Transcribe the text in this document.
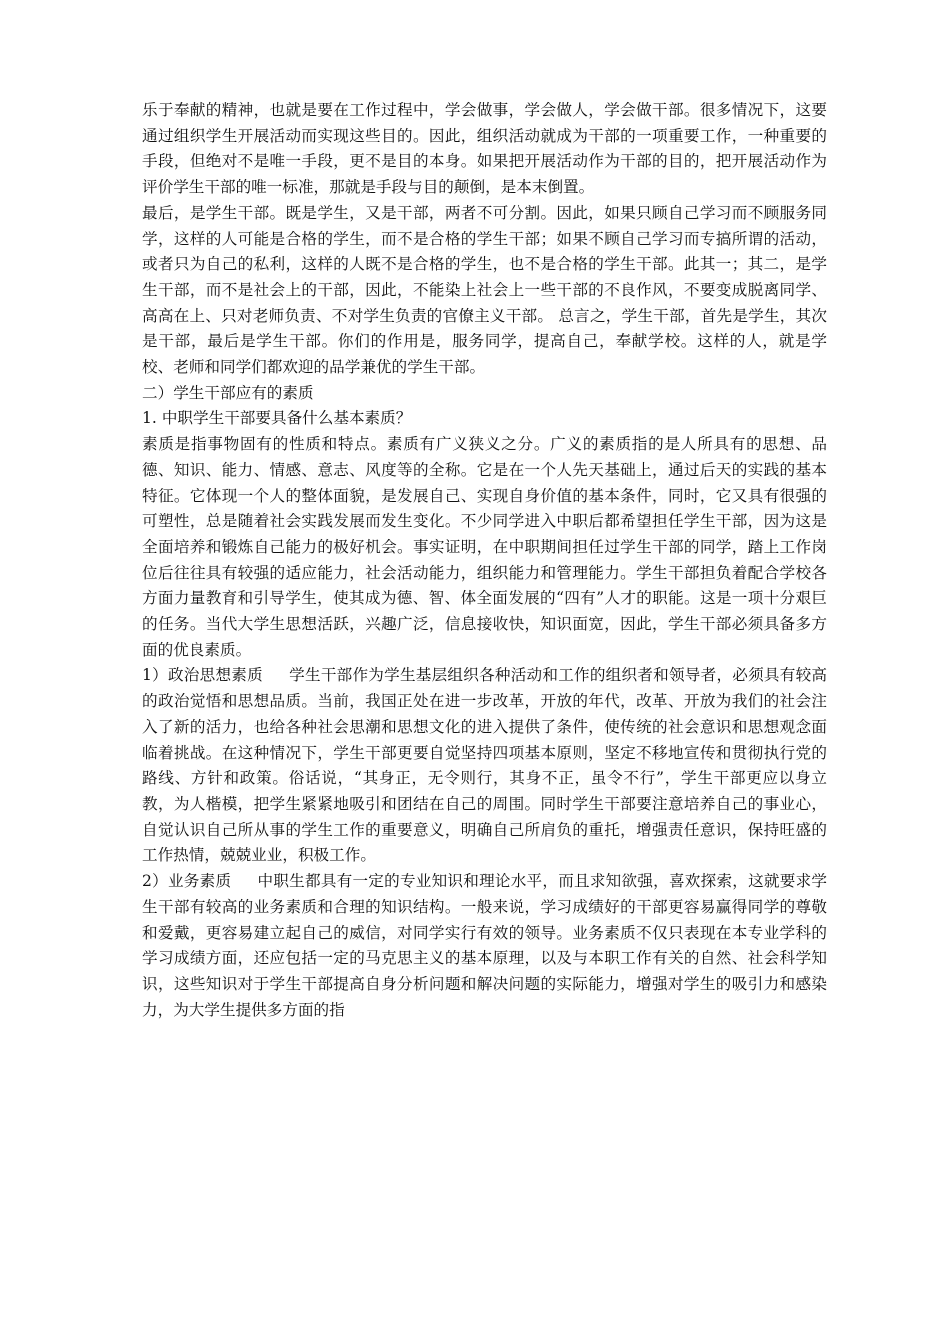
乐于奉献的精神，也就是要在工作过程中，学会做事，学会做人，学会做干部。很多情况下，这要通过组织学生开展活动而实现这些目的。因此，组织活动就成为干部的一项重要工作，一种重要的手段，但绝对不是唯一手段，更不是目的本身。如果把开展活动作为干部的目的，把开展活动作为评价学生干部的唯一标准，那就是手段与目的颠倒，是本末倒置。

最后，是学生干部。既是学生，又是干部，两者不可分割。因此，如果只顾自己学习而不顾服务同学，这样的人可能是合格的学生，而不是合格的学生干部；如果不顾自己学习而专搞所谓的活动，或者只为自己的私利，这样的人既不是合格的学生，也不是合格的学生干部。此其一；其二，是学生干部，而不是社会上的干部，因此，不能染上社会上一些干部的不良作风，不要变成脱离同学、高高在上、只对老师负责、不对学生负责的官僚主义干部。 总言之，学生干部，首先是学生，其次是干部，最后是学生干部。你们的作用是，服务同学，提高自己，奉献学校。这样的人，就是学校、老师和同学们都欢迎的品学兼优的学生干部。

二）学生干部应有的素质

1. 中职学生干部要具备什么基本素质？

素质是指事物固有的性质和特点。素质有广义狭义之分。广义的素质指的是人所具有的思想、品德、知识、能力、情感、意志、风度等的全称。它是在一个人先天基础上，通过后天的实践的基本特征。它体现一个人的整体面貌，是发展自己、实现自身价值的基本条件，同时，它又具有很强的可塑性，总是随着社会实践发展而发生变化。不少同学进入中职后都希望担任学生干部，因为这是全面培养和锻炼自己能力的极好机会。事实证明，在中职期间担任过学生干部的同学，踏上工作岗位后往往具有较强的适应能力，社会活动能力，组织能力和管理能力。学生干部担负着配合学校各方面力量教育和引导学生，使其成为德、智、体全面发展的“四有”人才的职能。这是一项十分艰巨的任务。当代大学生思想活跃，兴趣广泛，信息接收快，知识面宽，因此，学生干部必须具备多方面的优良素质。

1）政治思想素质 学生干部作为学生基层组织各种活动和工作的组织者和领导者，必须具有较高的政治觉悟和思想品质。当前，我国正处在进一步改革，开放的年代，改革、开放为我们的社会注入了新的活力，也给各种社会思潮和思想文化的进入提供了条件，使传统的社会意识和思想观念面临着挑战。在这种情况下，学生干部更要自觉坚持四项基本原则，坚定不移地宣传和贯彻执行党的路线、方针和政策。俗话说，“其身正，无令则行，其身不正，虽令不行”，学生干部更应以身立教，为人楷模，把学生紧紧地吸引和团结在自己的周围。同时学生干部要注意培养自己的事业心，自觉认识自己所从事的学生工作的重要意义，明确自己所肩负的重托，增强责任意识，保持旺盛的工作热情，兢兢业业，积极工作。

2）业务素质 中职生都具有一定的专业知识和理论水平，而且求知欲强，喜欢探索，这就要求学生干部有较高的业务素质和合理的知识结构。一般来说，学习成绩好的干部更容易赢得同学的尊敬和爱戴，更容易建立起自己的威信，对同学实行有效的领导。业务素质不仅只表现在本专业学科的学习成绩方面，还应包括一定的马克思主义的基本原理，以及与本职工作有关的自然、社会科学知识，这些知识对于学生干部提高自身分析问题和解决问题的实际能力，增强对学生的吸引力和感染力，为大学生提供多方面的指
